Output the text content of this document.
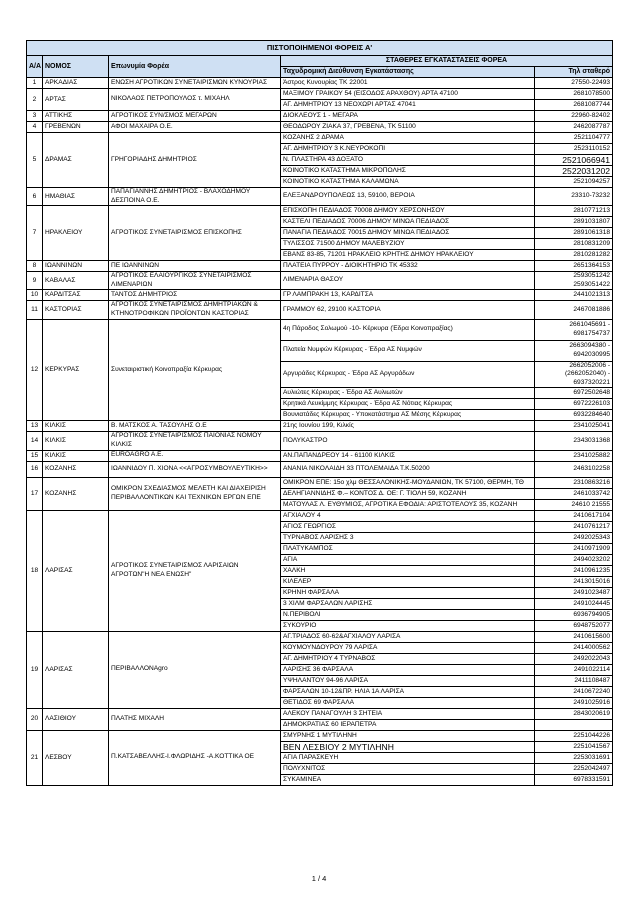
ΠΙΣΤΟΠΟΙΗΜΕΝΟΙ ΦΟΡΕΙΣ Α'				
Α/Α	ΝΟΜΟΣ	Επωνυμία Φορέα	ΣΤΑΘΕΡΕΣ ΕΓΚΑΤΑΣΤΑΣΕΙΣ ΦΟΡΕΑ	
			Ταχυδρομική Διεύθυνση Εγκατάστασης	Τηλ σταθερό
1	ΑΡΚΑΔΙΑΣ	ΕΝΩΣΗ ΑΓΡΟΤΙΚΩΝ ΣΥΝΕΤΑΙΡΙΣΜΩΝ ΚΥΝΟΥΡΙΑΣ	Άστρος Κυνουρίας ΤΚ 22001	27550-22493
2	ΑΡΤΑΣ	ΝΙΚΟΛΑΟΣ ΠΕΤΡΟΠΟΥΛΟΣ τ. ΜΙΧΑΗΛ	ΜΑΞΙΜΟΥ ΓΡΑΙΚΟΥ 54 (ΕΙΣΟΔΟΣ ΑΡΑΧΘΟΥ) ΑΡΤΑ 47100	2681078500
			ΑΓ. ΔΗΜΗΤΡΙΟΥ 13 ΝΕΟΧΩΡΙ ΑΡΤΑΣ 47041	2681087744
3	ΑΤΤΙΚΗΣ	ΑΓΡΟΤΙΚΟΣ ΣΥΝ/ΣΜΟΣ ΜΕΓΑΡΩΝ	ΔΙΟΚΛΕΟΥΣ 1 - ΜΕΓΑΡΑ	22960-82402
4	ΓΡΕΒΕΝΩΝ	ΑΦΟΙ ΜΑΧΑΙΡΑ Ο.Ε.	ΘΕΟΔΩΡΟΥ ΖΙΑΚΑ 37, ΓΡΕΒΕΝΑ, ΤΚ 51100	2462087787
5	ΔΡΑΜΑΣ	ΓΡΗΓΟΡΙΑΔΗΣ ΔΗΜΗΤΡΙΟΣ	ΚΟΖΑΝΗΣ 2 ΔΡΑΜΑ	2521104777
			ΑΓ. ΔΗΜΗΤΡΙΟΥ 3 Κ.ΝΕΥΡΟΚΟΠΙ	2523110152
			Ν. ΠΛΑΣΤΗΡΑ 43 ΔΟΞΑΤΟ	2521066941
			ΚΟΙΝΟΤΙΚΟ ΚΑΤΑΣΤΗΜΑ ΜΙΚΡΟΠΟΛΗΣ	2522031202
			ΚΟΙΝΟΤΙΚΟ ΚΑΤΑΣΤΗΜΑ ΚΑΛΑΜΩΝΑ	2521094257
6	ΗΜΑΘΙΑΣ	ΠΑΠΑΓΙΑΝΝΗΣ ΔΗΜΗΤΡΙΟΣ - ΒΛΑΧΟΔΗΜΟΥ ΔΕΣΠΟΙΝΑ Ο.Ε.	ΕΛΕΞΑΝΔΡΟΥΠΟΛΕΩΣ 13, 59100, ΒΕΡΟΙΑ	23310-73232
7	ΗΡΑΚΛΕΙΟΥ	ΑΓΡΟΤΙΚΟΣ ΣΥΝΕΤΑΙΡΙΣΜΟΣ ΕΠΙΣΚΟΠΗΣ	ΕΠΙΣΚΟΠΗ ΠΕΔΙΑΔΟΣ 70008 ΔΗΜΟΥ ΧΕΡΣΟΝΗΣΟΥ	2810771213
			ΚΑΣΤΕΛΙ ΠΕΔΙΑΔΟΣ 70006 ΔΗΜΟΥ ΜΙΝΩΑ ΠΕΔΙΑΔΟΣ	2891031807
			ΠΑΝΑΓΙΑ ΠΕΔΙΑΔΟΣ 70015 ΔΗΜΟΥ ΜΙΝΩΑ ΠΕΔΙΑΔΟΣ	2891061318
			ΤΥΛΙΣΣΟΣ 71500 ΔΗΜΟΥ ΜΑΛΕΒΥΖΙΟΥ	2810831209
			ΕΒΑΝΣ 83-85, 71201 ΗΡΑΚΛΕΙΟ ΚΡΗΤΗΣ ΔΗΜΟΥ ΗΡΑΚΛΕΙΟΥ	2810281282
8	ΙΩΑΝΝΙΝΩΝ	ΠΕ ΙΩΑΝΝΙΝΩΝ	ΠΛΑΤΕΙΑ ΠΥΡΡΟΥ - ΔΙΟΙΚΗΤΗΡΙΟ ΤΚ 45332	2651364153
9	ΚΑΒΑΛΑΣ	ΑΓΡΟΤΙΚΟΣ ΕΛΑΙΟΥΡΓΙΚΟΣ ΣΥΝΕΤΑΙΡΙΣΜΟΣ ΛΙΜΕΝΑΡΙΩΝ	ΛΙΜΕΝΑΡΙΑ ΘΑΣΟΥ	2593051242
2593051422
10	ΚΑΡΔΙΤΣΑΣ	ΤΑΝΤΟΣ ΔΗΜΗΤΡΙΟΣ	ΓΡ ΛΑΜΠΡΑΚΗ 13, ΚΑΡΔΙΤΣΑ	2441021313
11	ΚΑΣΤΟΡΙΑΣ	ΑΓΡΟΤΙΚΟΣ ΣΥΝΕΤΑΙΡΙΣΜΟΣ ΔΗΜΗΤΡΙΑΚΩΝ & ΚΤΗΝΟΤΡΟΦΙΚΩΝ ΠΡΟΪΟΝΤΩΝ ΚΑΣΤΟΡΙΑΣ	ΓΡΑΜΜΟΥ 62, 29100 ΚΑΣΤΟΡΙΑ	2467081886
12	ΚΕΡΚΥΡΑΣ	Συνεταιριστική Κοινοπραξία Κέρκυρας	4η Πάροδος Σολωμού -10- Κέρκυρα (Έδρα Κοινοπραξίας)	2661045691 -
6981754737
			Πλατεία Νυμφών Κέρκυρας - Έδρα ΑΣ Νυμφών	2663094380 -
6942030995
			Αργυράδες Κέρκυρας - Έδρα ΑΣ Αργυράδων	2662052006 -
(2662052040) -
6937320221
			Αυλιώτες Κέρκυρας - Έδρα ΑΣ Αυλιωτών	6972502648
			Κρητικά Λευκίμμης Κέρκυρας - Έδρα ΑΣ Νότιας Κέρκυρας	6972226103
			Βουνιατάδες Κέρκυρας - Υποκατάστημα ΑΣ Μέσης Κέρκυρας	6932284640
13	ΚΙΛΚΙΣ	Β. ΜΑΤΣΚΟΣ Α. ΤΑΣΟΥΛΗΣ Ο.Ε	21ης Ιουνίου 199, Κιλκίς	2341025041
14	ΚΙΛΚΙΣ	ΑΓΡΟΤΙΚΟΣ ΣΥΝΕΤΑΙΡΙΣΜΟΣ ΠΑΙΟΝΙΑΣ ΝΟΜΟΥ ΚΙΛΚΙΣ	ΠΟΛΥΚΑΣΤΡΟ	2343031368
15	ΚΙΛΚΙΣ	EUROAGRO A.E.	ΑΝ.ΠΑΠΑΝΔΡΕΟΥ 14 - 61100 ΚΙΛΚΙΣ	2341025882
16	ΚΟΖΑΝΗΣ	ΙΩΑΝΝΙΔΟΥ Π. ΧΙΟΝΑ <<ΑΓΡΟΣΥΜΒΟΥΛΕΥΤΙΚΗ>>	ΑΝΑΝΙΑ ΝΙΚΟΛΑΙΔΗ 33 ΠΤΟΛΕΜΑΙΔΑ Τ.Κ.50200	2463102258
17	ΚΟΖΑΝΗΣ	ΟΜΙΚΡΟΝ ΣΧΕΔΙΑΣΜΟΣ ΜΕΛΕΤΗ ΚΑΙ ΔΙΑΧΕΙΡΙΣΗ ΠΕΡΙΒΑΛΛΟΝΤΙΚΩΝ ΚΑΙ ΤΕΧΝΙΚΩΝ ΕΡΓΩΝ ΕΠΕ	ΟΜΙΚΡΟΝ ΕΠΕ: 15ο χλμ ΘΕΣΣΑΛΟΝΙΚΗΣ-ΜΟΥΔΑΝΙΩΝ, ΤΚ 57100, ΘΕΡΜΗ, ΤΘ	2310863216
			ΔΕΛΗΓΙΑΝΝΙΔΗΣ Φ.– ΚΟΝΤΟΣ Δ. ΟΕ: Γ. ΤΙΟΛΗ 59, ΚΟΖΑΝΗ	2461033742
			ΜΑΤΟΥΛΑΣ Λ. ΕΥΘΥΜΙΟΣ, ΑΓΡΟΤΙΚΑ ΕΦΟΔΙΑ: ΑΡΙΣΤΟΤΕΛΟΥΣ 35, ΚΟΖΑΝΗ	24610 21555
18	ΛΑΡΙΣΑΣ	ΑΓΡΟΤΙΚΟΣ ΣΥΝΕΤΑΙΡΙΣΜΟΣ ΛΑΡΙΣΑΙΩΝ ΑΓΡΟΤΩΝ"Η ΝΕΑ ΕΝΩΣΗ"	ΑΓΧΙΑΛΟΥ 4	2410617104
			ΑΓΙΟΣ ΓΕΩΡΓΙΟΣ	2410761217
			ΤΥΡΝΑΒΟΣ ΛΑΡΙΣΗΣ 3	2492025343
			ΠΛΑΤΥΚΑΜΠΟΣ	2410971909
			ΑΓΙΑ	2494023202
			ΧΑΛΚΗ	2410961235
			ΚΙΛΕΛΕΡ	2413015016
			ΚΡΗΝΗ ΦΑΡΣΑΛΑ	2491023487
			3 ΧΙΛΜ ΦΑΡΣΑΛΩΝ ΛΑΡΙΣΗΣ	2491024445
			Ν.ΠΕΡΙΒΟΛΙ	6936794905
			ΣΥΚΟΥΡΙΟ	6948752077
19	ΛΑΡΙΣΑΣ	ΠΕΡΙΒΑΛΛΟΝAgro	ΑΓ.ΤΡΙΑΔΟΣ 60-62&ΑΓΧΙΑΛΟΥ ΛΑΡΙΣΑ	2410615600
			ΚΟΥΜΟΥΝΔΟΥΡΟΥ 79 ΛΑΡΙΣΑ	2414000562
			ΑΓ. ΔΗΜΗΤΡΙΟΥ 4 ΤΥΡΝΑΒΟΣ	2492022043
			ΛΑΡΙΣΗΣ 36 ΦΑΡΣΑΛΑ	2491022114
			ΥΨΗΛΑΝΤΟΥ 94-96 ΛΑΡΙΣΑ	2411108487
			ΦΑΡΣΑΛΩΝ 10-12&ΠΡ. ΗΛΙΑ 1Α ΛΑΡΙΣΑ	2410672240
			ΘΕΤΙΔΟΣ 69 ΦΑΡΣΑΛΑ	2491025916
20	ΛΑΣΙΘΙΟΥ	ΠΛΑΤΗΣ ΜΙΧΑΛΗ	ΑΛΕΚΟΥ ΠΑΝΑΓΟΥΛΗ 3 ΣΗΤΕΙΑ	2843020619
			ΔΗΜΟΚΡΑΤΙΑΣ 60 ΙΕΡΑΠΕΤΡΑ	
21	ΛΕΣΒΟΥ	Π.ΚΑΤΣΑΒΕΛΛΗΣ-Ι.ΦΛΩΡΙΔΗΣ -Α.ΚΟΤΤΙΚΑ ΟΕ	ΣΜΥΡΝΗΣ 1 ΜΥΤΙΛΗΝΗ	2251044226
			ΒΕΝ ΛΕΣΒΙΟΥ 2 ΜΥΤΙΛΗΝΗ	2251041567
			ΑΓΙΑ ΠΑΡΑΣΚΕΥΗ	2253031691
			ΠΟΛΥΧΝΙΤΟΣ	2252042497
			ΣΥΚΑΜΙΝΕΑ	6978331591
1 / 4
